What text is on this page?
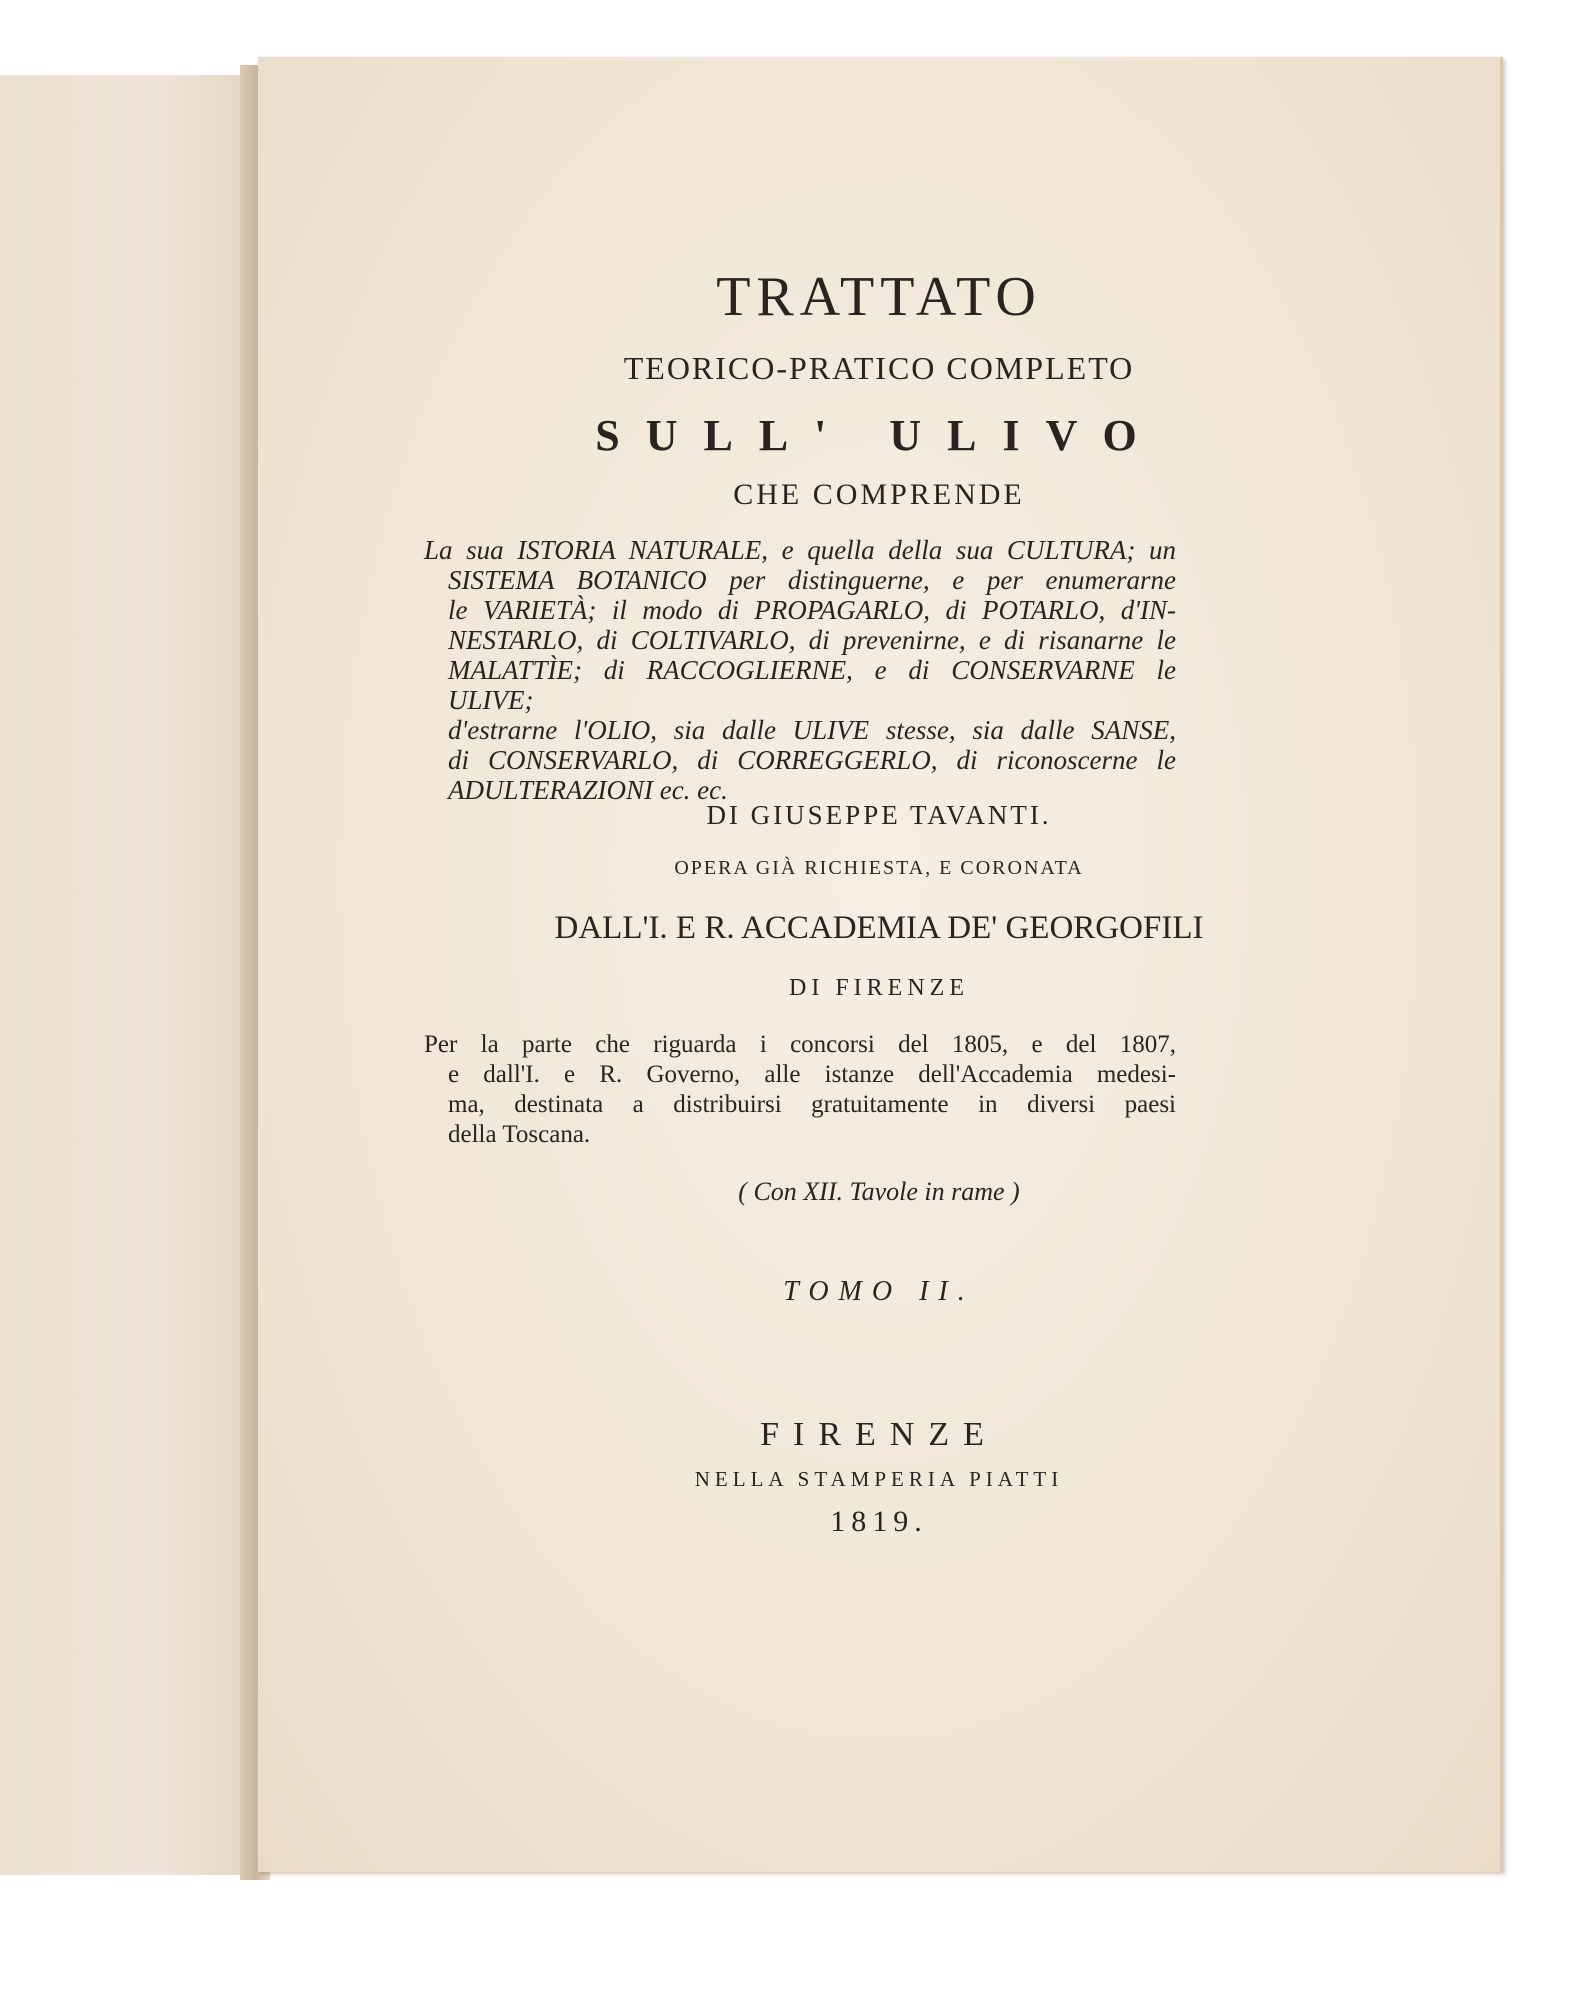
TRATTATO
TEORICO-PRATICO COMPLETO
SULL' ULIVO
CHE COMPRENDE
La sua ISTORIA NATURALE, e quella della sua CULTURA; un
SISTEMA BOTANICO per distinguerne, e per enumerarne
le VARIETÀ; il modo di PROPAGARLO, di POTARLO, d'IN-
NESTARLO, di COLTIVARLO, di prevenirne, e di risanarne le
MALATTÌE; di RACCOGLIERNE, e di CONSERVARNE le ULIVE;
d'estrarne l'OLIO, sia dalle ULIVE stesse, sia dalle SANSE,
di CONSERVARLO, di CORREGGERLO, di riconoscerne le
ADULTERAZIONI ec. ec.
DI GIUSEPPE TAVANTI.
OPERA GIÀ RICHIESTA, E CORONATA
DALL'I. E R. ACCADEMIA DE' GEORGOFILI
DI FIRENZE
Per la parte che riguarda i concorsi del 1805, e del 1807,
e dall'I. e R. Governo, alle istanze dell'Accademia medesi-
ma, destinata a distribuirsi gratuitamente in diversi paesi
della Toscana.
( Con XII. Tavole in rame )
TOMO II.
FIRENZE
NELLA STAMPERIA PIATTI
1819.
